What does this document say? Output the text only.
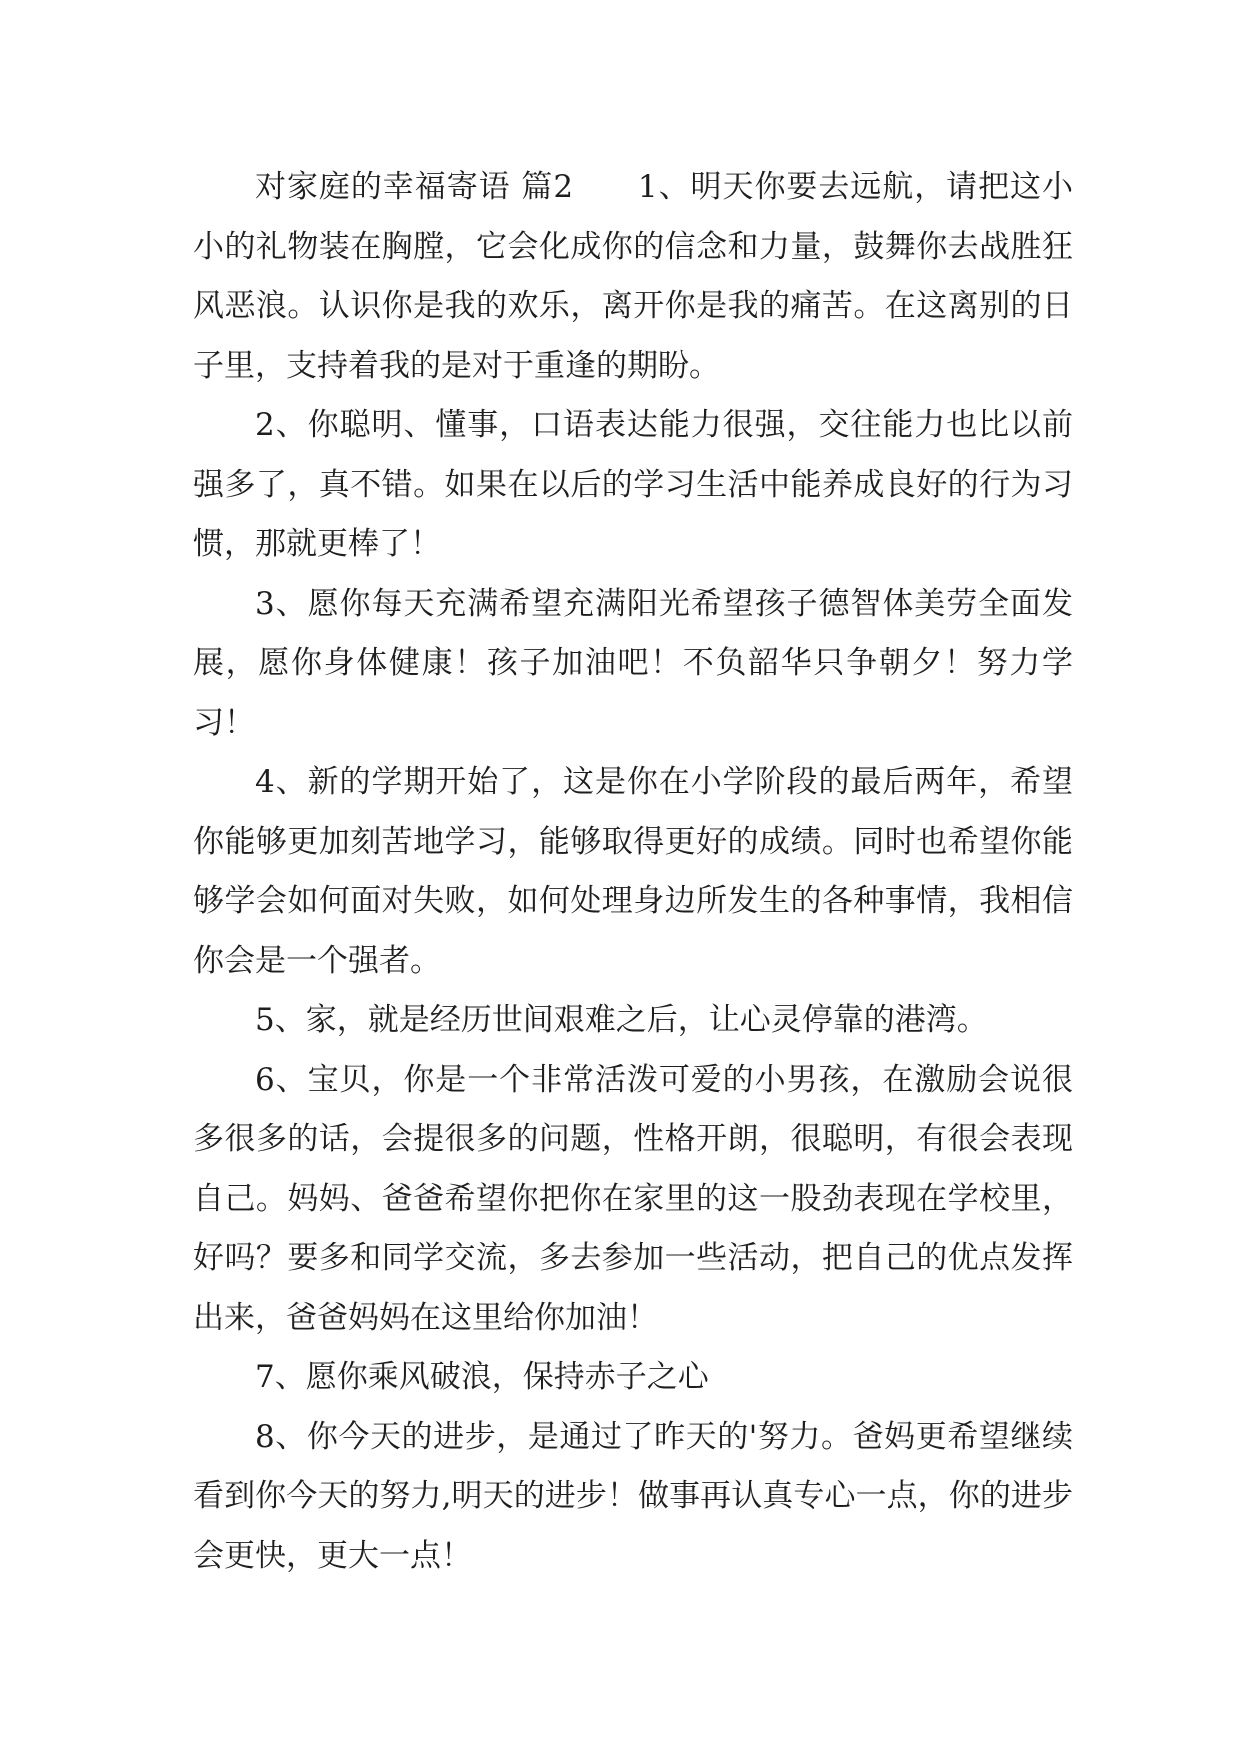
对家庭的幸福寄语 篇2　　1、明天你要去远航，请把这小小的礼物装在胸膛，它会化成你的信念和力量，鼓舞你去战胜狂风恶浪。认识你是我的欢乐，离开你是我的痛苦。在这离别的日子里，支持着我的是对于重逢的期盼。

2、你聪明、懂事，口语表达能力很强，交往能力也比以前强多了，真不错。如果在以后的学习生活中能养成良好的行为习惯，那就更棒了！

3、愿你每天充满希望充满阳光希望孩子德智体美劳全面发展，愿你身体健康！孩子加油吧！不负韶华只争朝夕！努力学习！

4、新的学期开始了，这是你在小学阶段的最后两年，希望你能够更加刻苦地学习，能够取得更好的成绩。同时也希望你能够学会如何面对失败，如何处理身边所发生的各种事情，我相信你会是一个强者。

5、家，就是经历世间艰难之后，让心灵停靠的港湾。

6、宝贝，你是一个非常活泼可爱的小男孩，在激励会说很多很多的话，会提很多的问题，性格开朗，很聪明，有很会表现自己。妈妈、爸爸希望你把你在家里的这一股劲表现在学校里，好吗？要多和同学交流，多去参加一些活动，把自己的优点发挥出来，爸爸妈妈在这里给你加油！

7、愿你乘风破浪，保持赤子之心

8、你今天的进步，是通过了昨天的'努力。爸妈更希望继续看到你今天的努力,明天的进步！做事再认真专心一点，你的进步会更快，更大一点！
